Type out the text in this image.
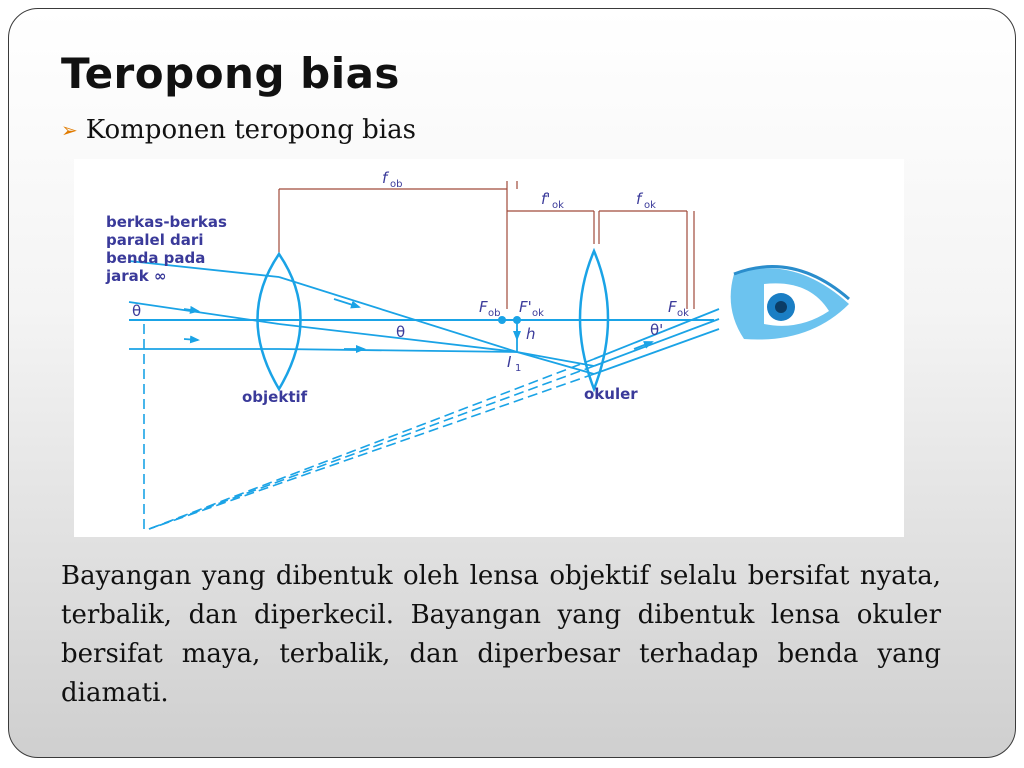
Teropong bias
➢ Komponen teropong bias
berkas-berkas
paralel dari
benda pada
jarak ∞
f ob
f' ok	f ok
F ob F' ok	F ok
θ
θ	θ'
h
I 1
objektif	okuler

Bayangan yang dibentuk oleh lensa objektif selalu bersifat nyata, terbalik, dan diperkecil. Bayangan yang dibentuk lensa okuler bersifat maya, terbalik, dan diperbesar terhadap benda yang diamati.
